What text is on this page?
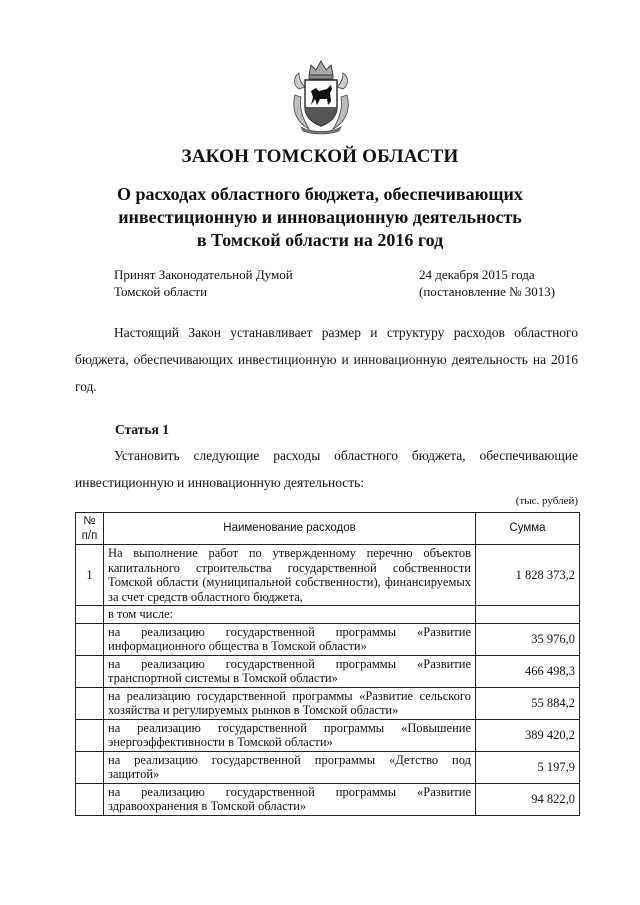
ЗАКОН ТОМСКОЙ ОБЛАСТИ
О расходах областного бюджета, обеспечивающих
инвестиционную и инновационную деятельность
в Томской области на 2016 год
Принят Законодательной Думой
Томской области
24 декабря 2015 года
(постановление № 3013)
Настоящий Закон устанавливает размер и структуру расходов областного бюджета, обеспечивающих инвестиционную и инновационную деятельность на 2016 год.
Статья 1
Установить следующие расходы областного бюджета, обеспечивающие инвестиционную и инновационную деятельность:
(тыс. рублей)
№ п/п	Наименование расходов	Сумма
1	На выполнение работ по утвержденному перечню объектов капитального строительства государственной собственности Томской области (муниципальной собственности), финансируемых за счет средств областного бюджета,	1 828 373,2
	в том числе:	
	на реализацию государственной программы «Развитие информационного общества в Томской области»	35 976,0
	на реализацию государственной программы «Развитие транспортной системы в Томской области»	466 498,3
	на реализацию государственной программы «Развитие сельского хозяйства и регулируемых рынков в Томской области»	55 884,2
	на реализацию государственной программы «Повышение энергоэффективности в Томской области»	389 420,2
	на реализацию государственной программы «Детство под защитой»	5 197,9
	на реализацию государственной программы «Развитие здравоохранения в Томской области»	94 822,0
